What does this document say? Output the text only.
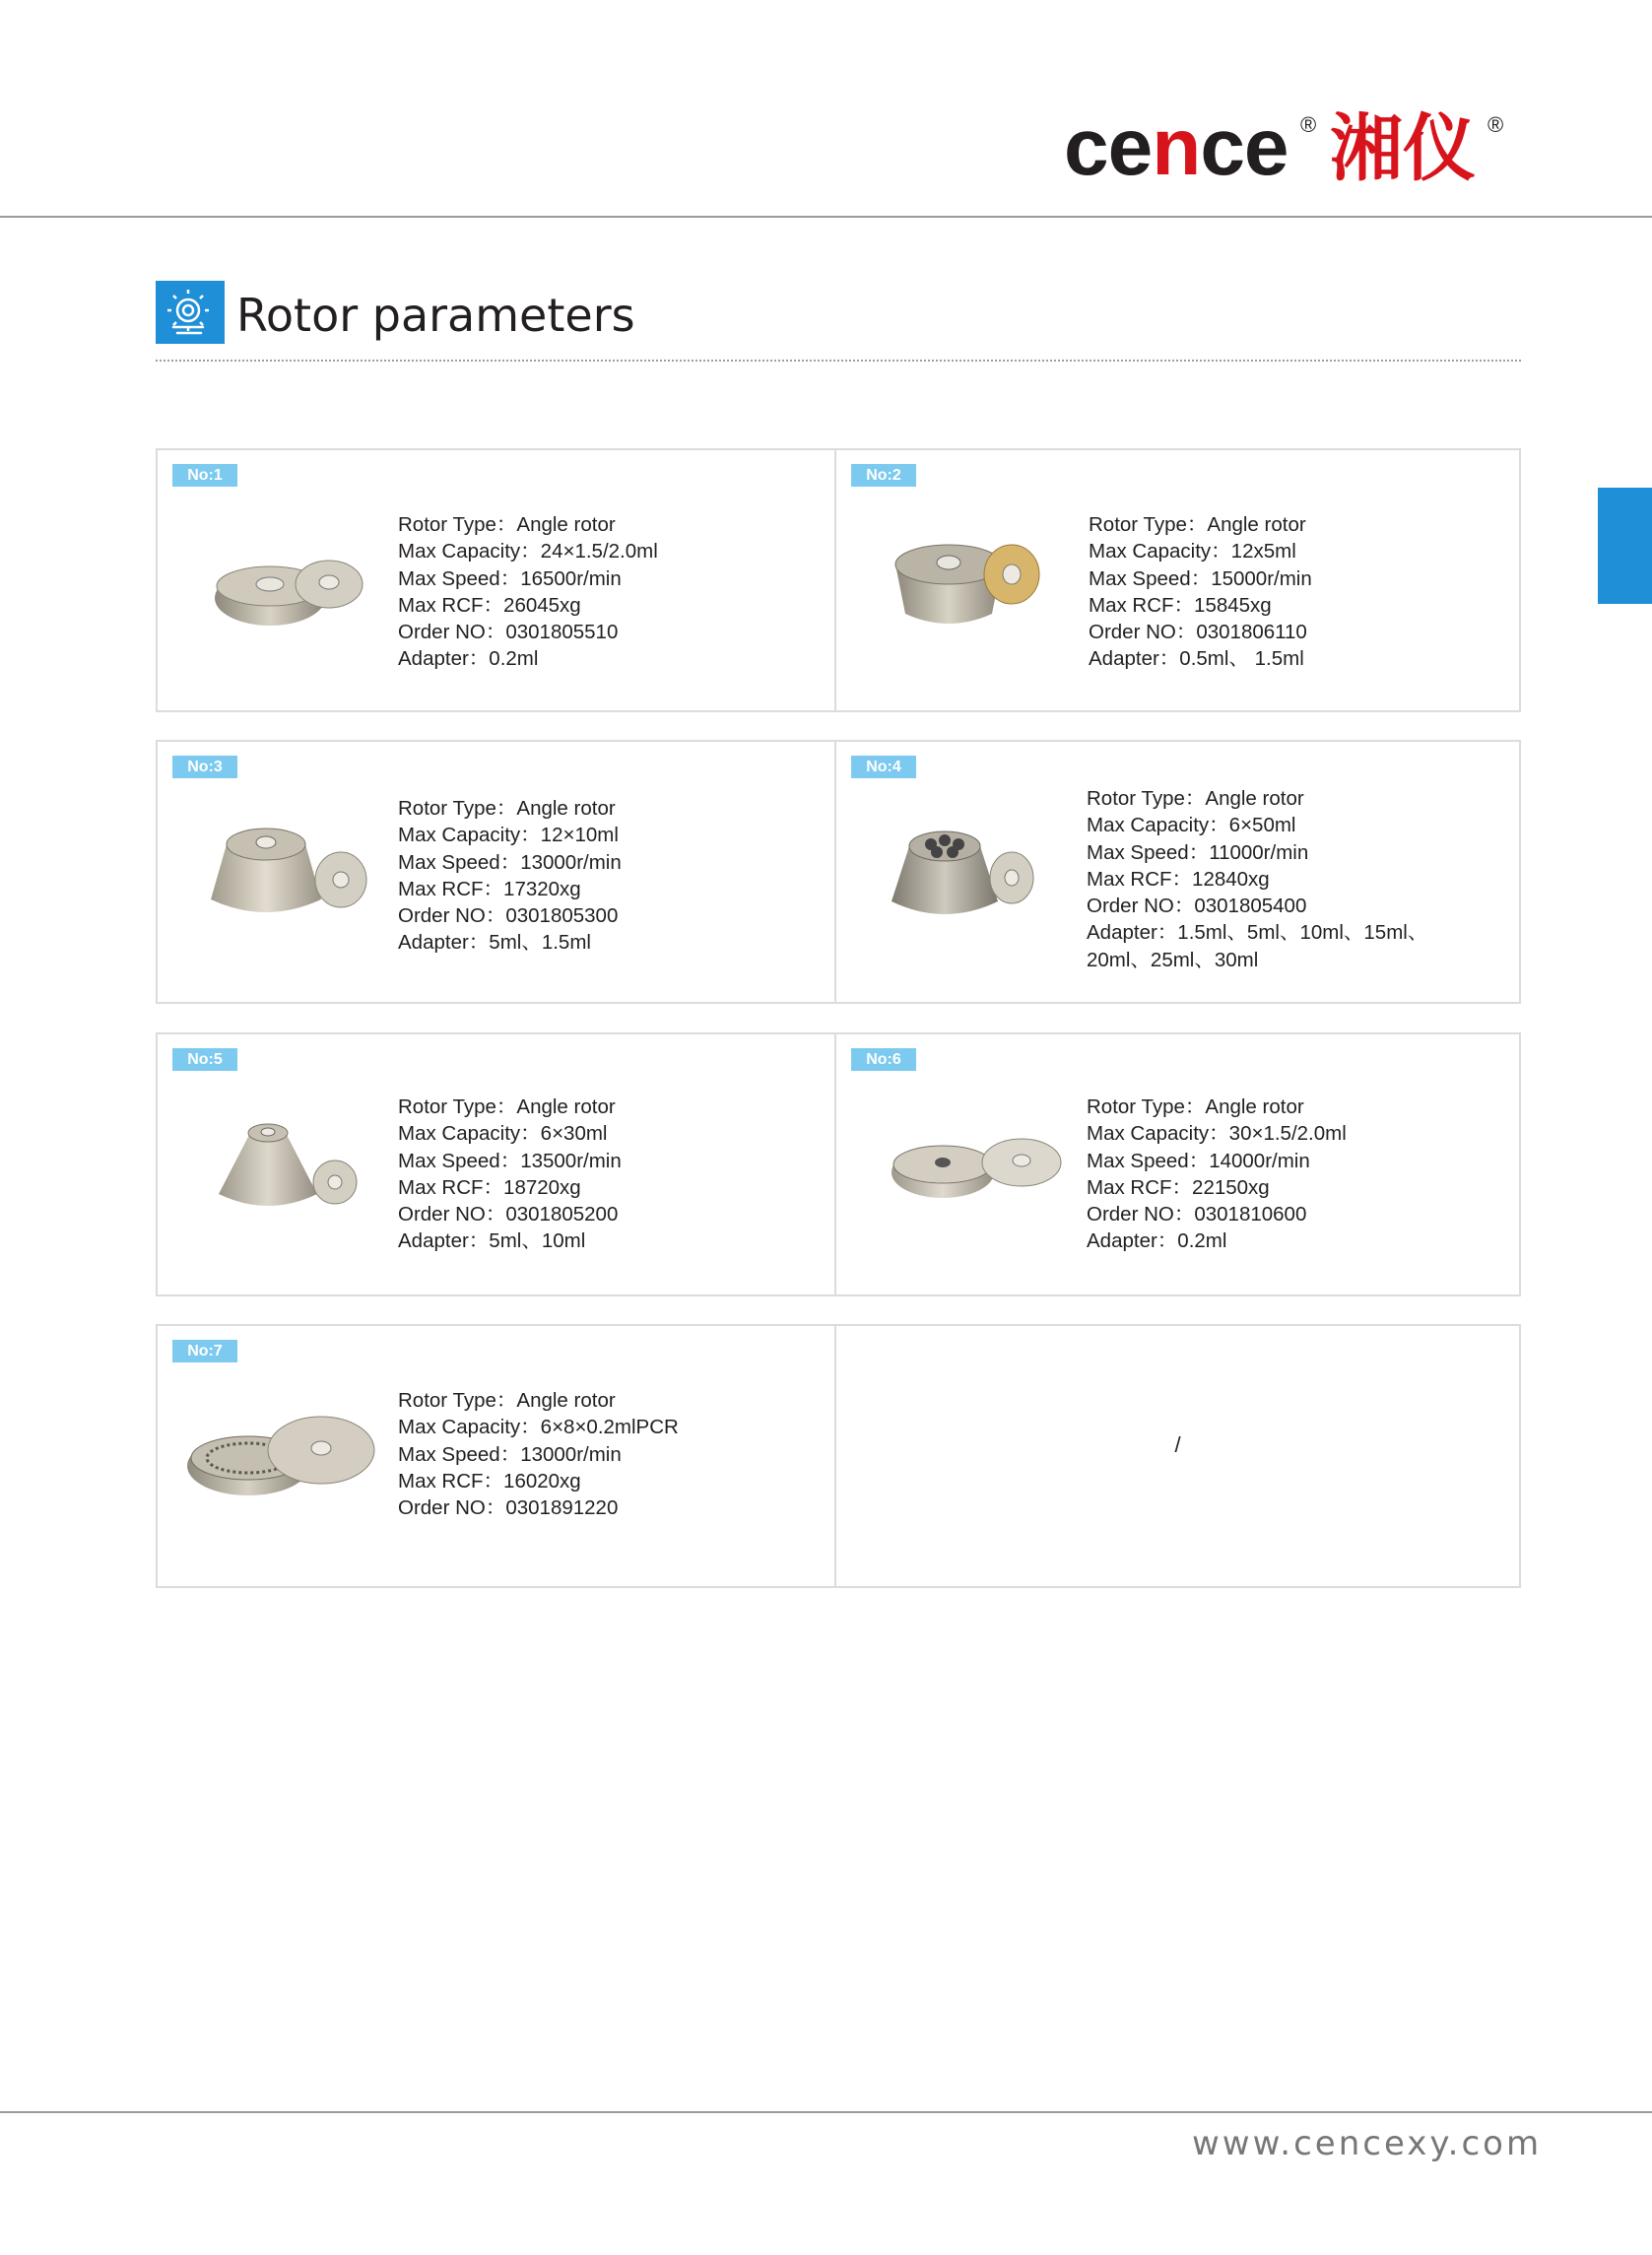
cence ® 湘仪 ®
Rotor parameters
No:1
Rotor Type：Angle rotor
Max Capacity：24×1.5/2.0ml
Max Speed：16500r/min
Max RCF：26045xg
Order NO：0301805510
Adapter：0.2ml
No:2
Rotor Type：Angle rotor
Max Capacity：12x5ml
Max Speed：15000r/min
Max RCF：15845xg
Order NO：0301806110
Adapter：0.5ml、 1.5ml
No:3
Rotor Type：Angle rotor
Max Capacity：12×10ml
Max Speed：13000r/min
Max RCF：17320xg
Order NO：0301805300
Adapter：5ml、1.5ml
No:4
Rotor Type：Angle rotor
Max Capacity：6×50ml
Max Speed：11000r/min
Max RCF：12840xg
Order NO：0301805400
Adapter：1.5ml、5ml、10ml、15ml、
20ml、25ml、30ml
No:5
Rotor Type：Angle rotor
Max Capacity：6×30ml
Max Speed：13500r/min
Max RCF：18720xg
Order NO：0301805200
Adapter：5ml、10ml
No:6
Rotor Type：Angle rotor
Max Capacity：30×1.5/2.0ml
Max Speed：14000r/min
Max RCF：22150xg
Order NO：0301810600
Adapter：0.2ml
No:7
Rotor Type：Angle rotor
Max Capacity：6×8×0.2mlPCR
Max Speed：13000r/min
Max RCF：16020xg
Order NO：0301891220
/
www.cencexy.com
